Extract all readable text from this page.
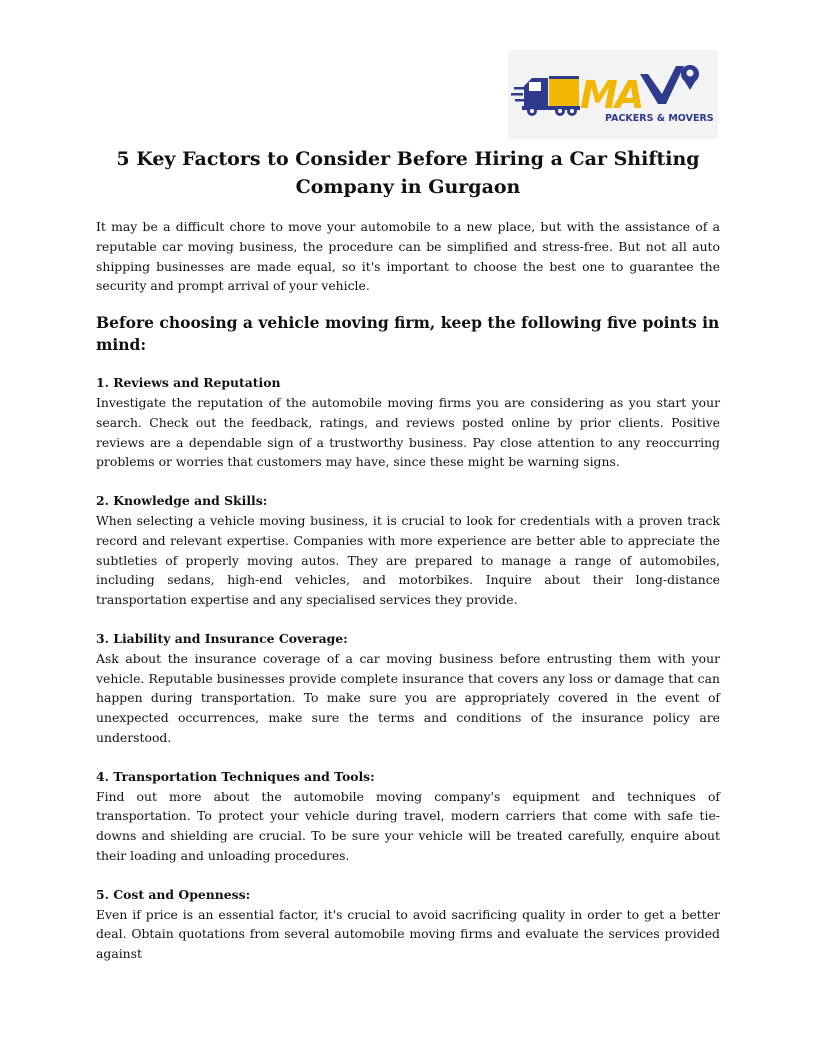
M
A
PACKERS & MOVERS
5 Key Factors to Consider Before Hiring a Car Shifting Company in Gurgaon

It may be a difficult chore to move your automobile to a new place, but with the assistance of a reputable car moving business, the procedure can be simplified and stress-free. But not all auto shipping businesses are made equal, so it's important to choose the best one to guarantee the security and prompt arrival of your vehicle.

Before choosing a vehicle moving firm, keep the following five points in mind:

1. Reviews and Reputation

Investigate the reputation of the automobile moving firms you are considering as you start your search. Check out the feedback, ratings, and reviews posted online by prior clients. Positive reviews are a dependable sign of a trustworthy business. Pay close attention to any reoccurring problems or worries that customers may have, since these might be warning signs.

2. Knowledge and Skills:

When selecting a vehicle moving business, it is crucial to look for credentials with a proven track record and relevant expertise. Companies with more experience are better able to appreciate the subtleties of properly moving autos. They are prepared to manage a range of automobiles, including sedans, high-end vehicles, and motorbikes. Inquire about their long-distance transportation expertise and any specialised services they provide.

3. Liability and Insurance Coverage:

Ask about the insurance coverage of a car moving business before entrusting them with your vehicle. Reputable businesses provide complete insurance that covers any loss or damage that can happen during transportation. To make sure you are appropriately covered in the event of unexpected occurrences, make sure the terms and conditions of the insurance policy are understood.

4. Transportation Techniques and Tools:

Find out more about the automobile moving company's equipment and techniques of transportation. To protect your vehicle during travel, modern carriers that come with safe tie-downs and shielding are crucial. To be sure your vehicle will be treated carefully, enquire about their loading and unloading procedures.

5. Cost and Openness:

Even if price is an essential factor, it's crucial to avoid sacrificing quality in order to get a better deal. Obtain quotations from several automobile moving firms and evaluate the services provided against
